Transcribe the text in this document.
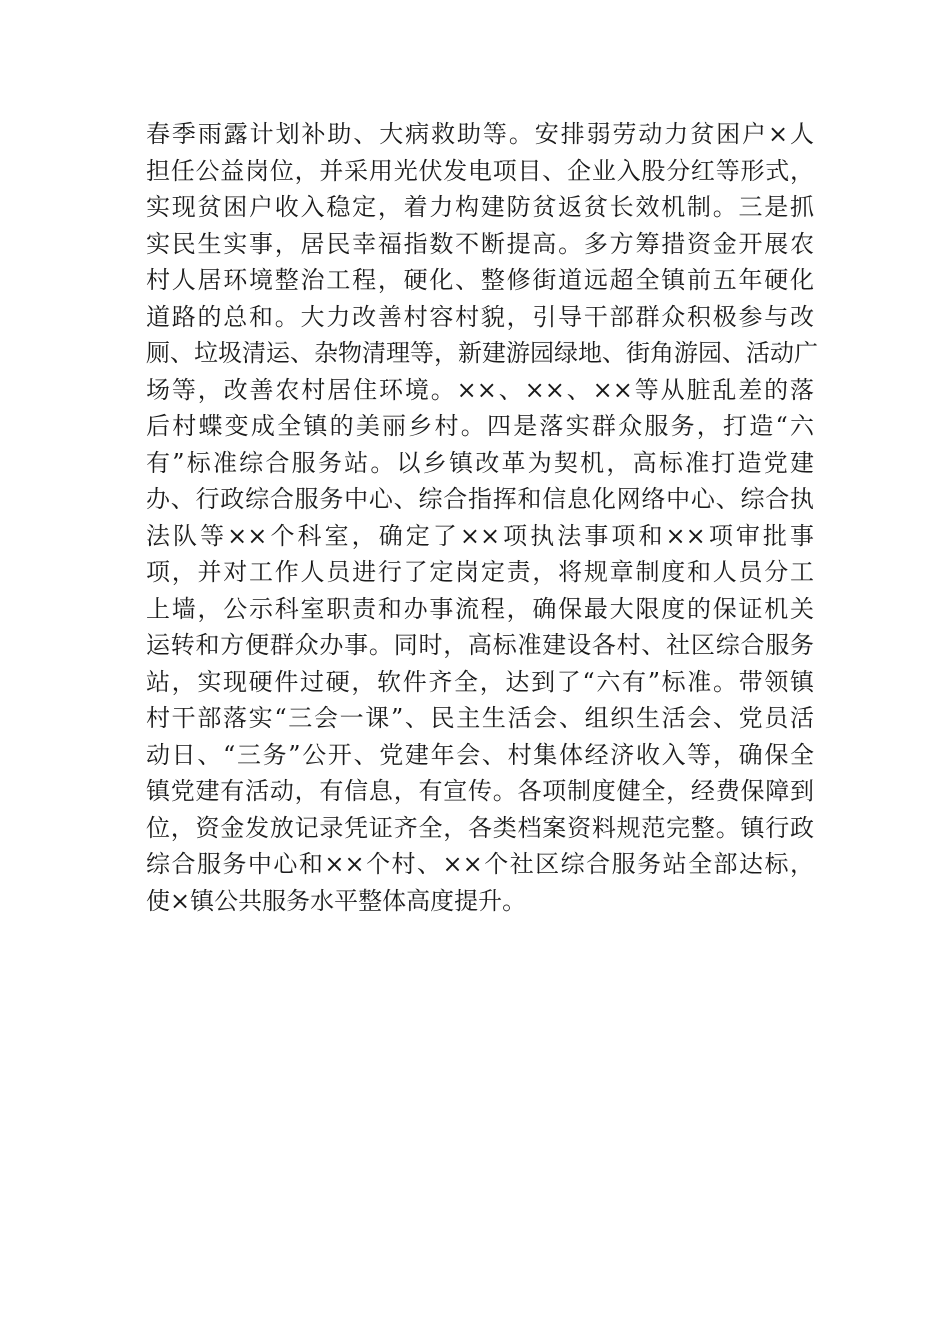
春季雨露计划补助、大病救助等。安排弱劳动力贫困户×人
担任公益岗位，并采用光伏发电项目、企业入股分红等形式，
实现贫困户收入稳定，着力构建防贫返贫长效机制。三是抓
实民生实事，居民幸福指数不断提高。多方筹措资金开展农
村人居环境整治工程，硬化、整修街道远超全镇前五年硬化
道路的总和。大力改善村容村貌，引导干部群众积极参与改
厕、垃圾清运、杂物清理等，新建游园绿地、街角游园、活动广
场等，改善农村居住环境。××、××、××等从脏乱差的落
后村蝶变成全镇的美丽乡村。四是落实群众服务，打造“六
有”标准综合服务站。以乡镇改革为契机，高标准打造党建
办、行政综合服务中心、综合指挥和信息化网络中心、综合执
法队等××个科室，确定了××项执法事项和××项审批事
项，并对工作人员进行了定岗定责，将规章制度和人员分工
上墙，公示科室职责和办事流程，确保最大限度的保证机关
运转和方便群众办事。同时，高标准建设各村、社区综合服务
站，实现硬件过硬，软件齐全，达到了“六有”标准。带领镇
村干部落实“三会一课”、民主生活会、组织生活会、党员活
动日、“三务”公开、党建年会、村集体经济收入等，确保全
镇党建有活动，有信息，有宣传。各项制度健全，经费保障到
位，资金发放记录凭证齐全，各类档案资料规范完整。镇行政
综合服务中心和××个村、××个社区综合服务站全部达标，
使×镇公共服务水平整体高度提升。
